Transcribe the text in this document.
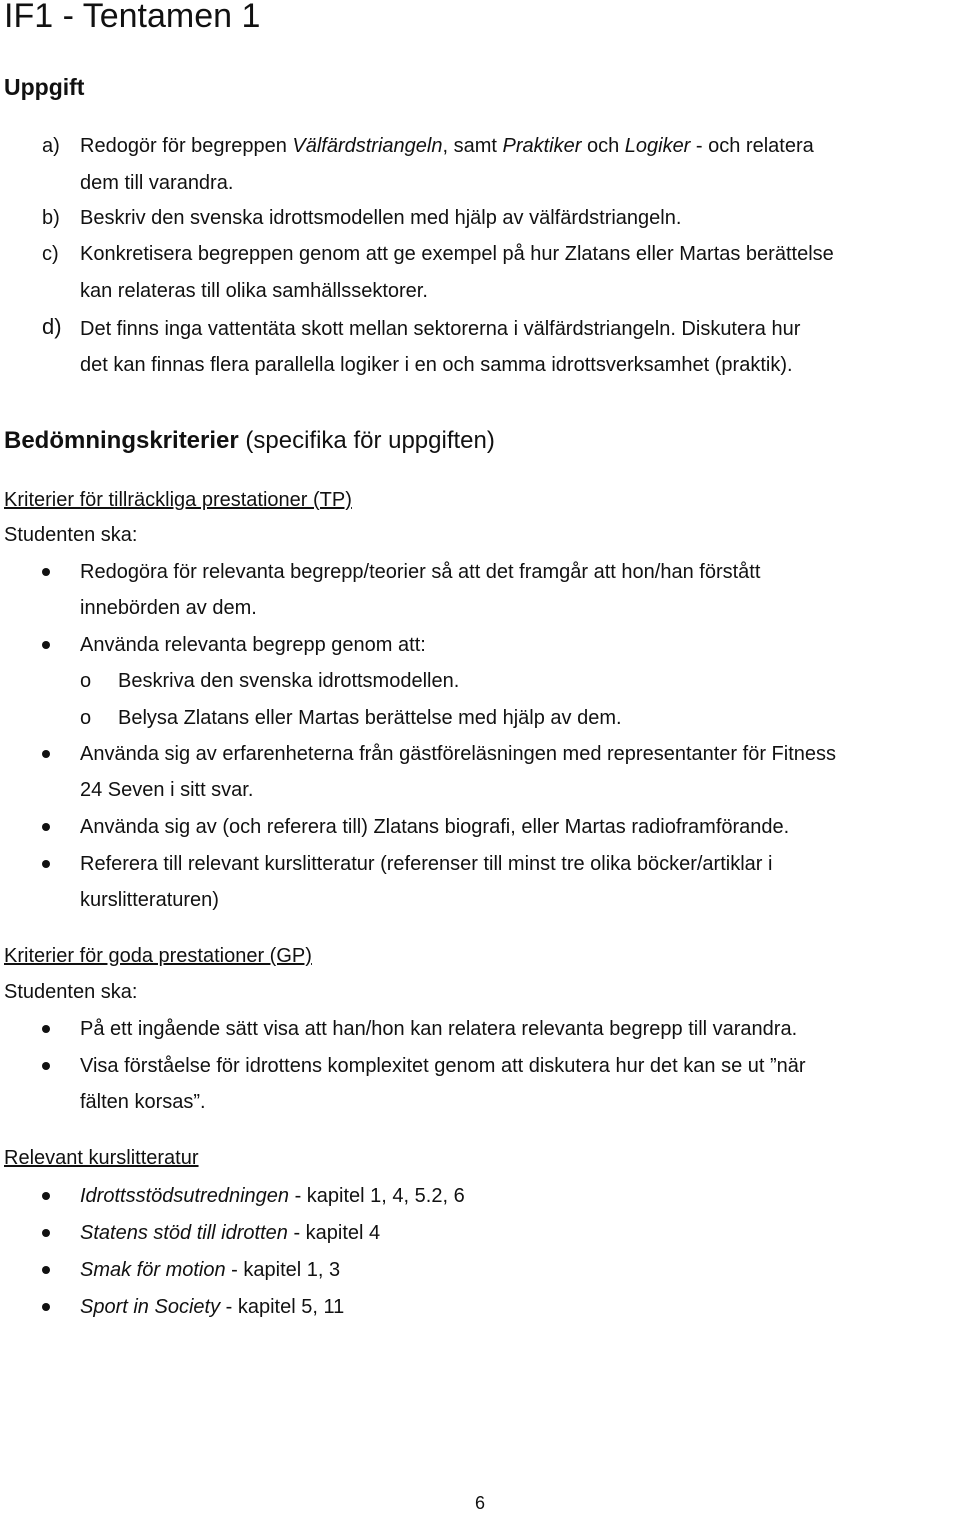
IF1 - Tentamen 1
Uppgift
a) Redogör för begreppen Välfärdstriangeln, samt Praktiker och Logiker - och relatera
dem till varandra.
b) Beskriv den svenska idrottsmodellen med hjälp av välfärdstriangeln.
c) Konkretisera begreppen genom att ge exempel på hur Zlatans eller Martas berättelse
kan relateras till olika samhällssektorer.
d) Det finns inga vattentäta skott mellan sektorerna i välfärdstriangeln. Diskutera hur
det kan finnas flera parallella logiker i en och samma idrottsverksamhet (praktik).
Bedömningskriterier (specifika för uppgiften)
Kriterier för tillräckliga prestationer (TP)
Studenten ska:
Redogöra för relevanta begrepp/teorier så att det framgår att hon/han förstått
innebörden av dem.
Använda relevanta begrepp genom att:
o Beskriva den svenska idrottsmodellen.
o Belysa Zlatans eller Martas berättelse med hjälp av dem.
Använda sig av erfarenheterna från gästföreläsningen med representanter för Fitness
24 Seven i sitt svar.
Använda sig av (och referera till) Zlatans biografi, eller Martas radioframförande.
Referera till relevant kurslitteratur (referenser till minst tre olika böcker/artiklar i
kurslitteraturen)
Kriterier för goda prestationer (GP)
Studenten ska:
På ett ingående sätt visa att han/hon kan relatera relevanta begrepp till varandra.
Visa förståelse för idrottens komplexitet genom att diskutera hur det kan se ut ”när
fälten korsas”.
Relevant kurslitteratur
Idrottsstödsutredningen - kapitel 1, 4, 5.2, 6
Statens stöd till idrotten - kapitel 4
Smak för motion - kapitel 1, 3
Sport in Society - kapitel 5, 11
6
